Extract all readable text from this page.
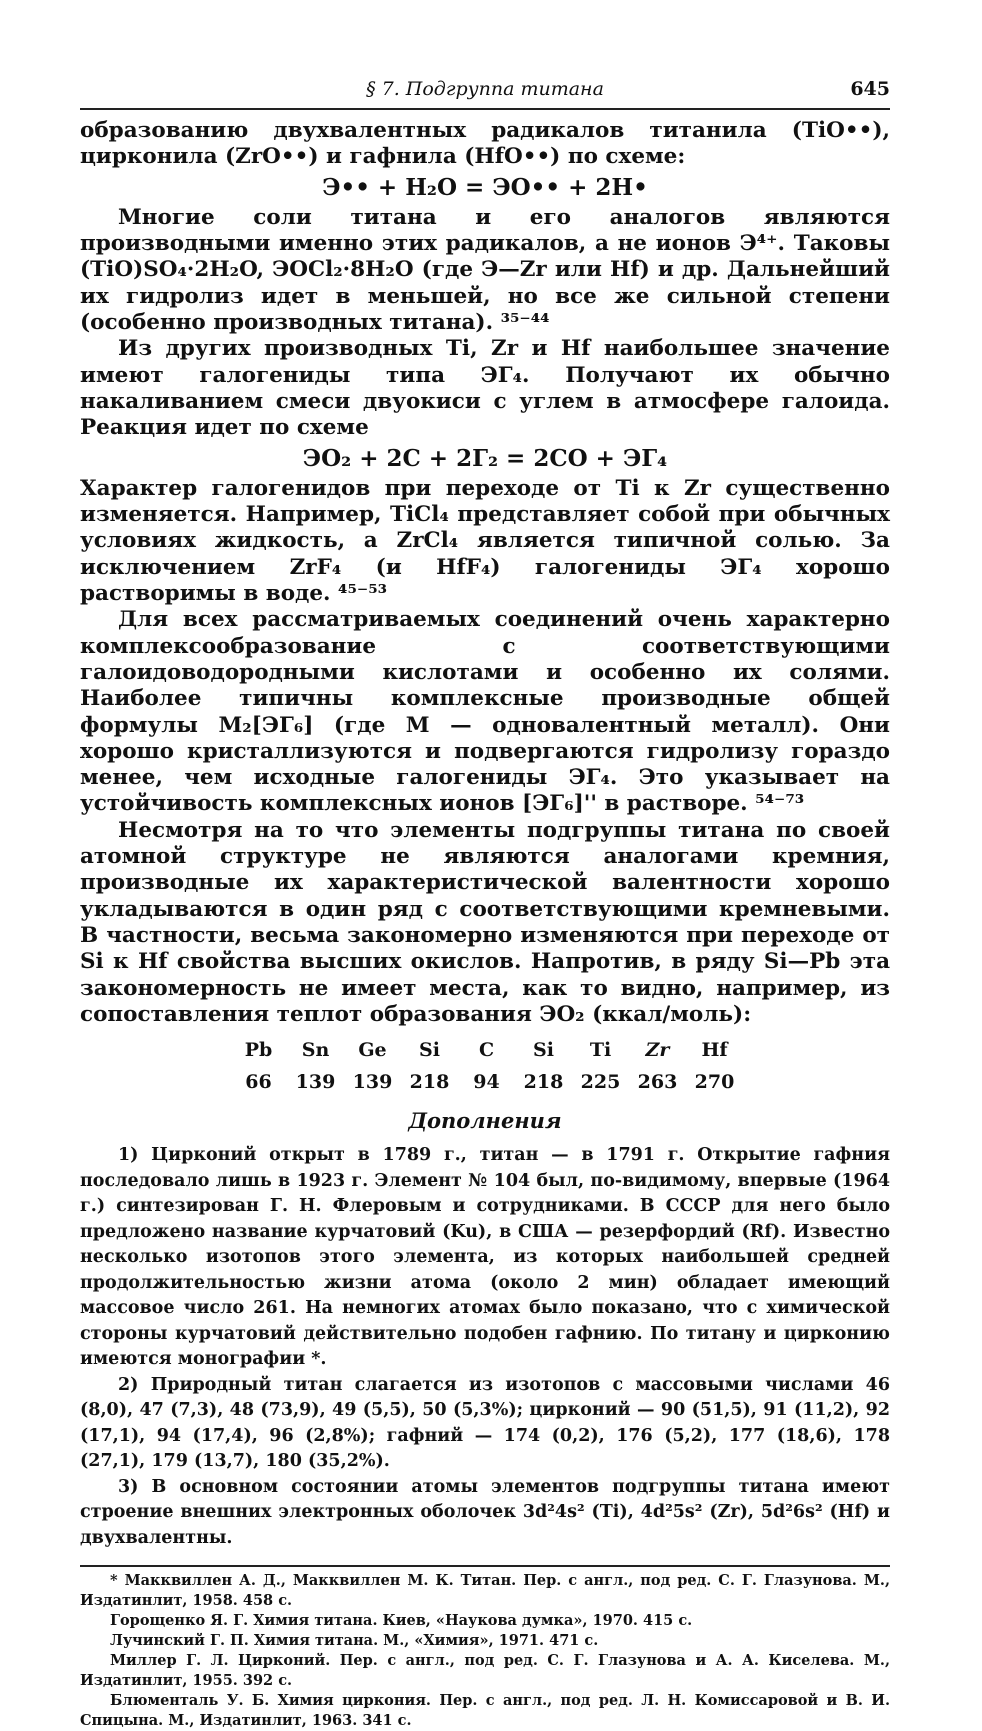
§ 7. Подгруппа титана	645

образованию двухвалентных радикалов титанила (TiO••), цирконила (ZrO••) и гафнила (HfO••) по схеме:

Э•• + H₂O = ЭО•• + 2H•

Многие соли титана и его аналогов являются производными именно этих радикалов, а не ионов Э⁴⁺. Таковы (TiO)SO₄·2H₂O, ЭOCl₂·8H₂O (где Э—Zr или Hf) и др. Дальнейший их гидролиз идет в меньшей, но все же сильной степени (особенно производных титана). ³⁵⁻⁴⁴

Из других производных Ti, Zr и Hf наибольшее значение имеют галогениды типа ЭГ₄. Получают их обычно накаливанием смеси двуокиси с углем в атмосфере галоида. Реакция идет по схеме

ЭО₂ + 2C + 2Г₂ = 2CO + ЭГ₄

Характер галогенидов при переходе от Ti к Zr существенно изменяется. Например, TiCl₄ представляет собой при обычных условиях жидкость, а ZrCl₄ является типичной солью. За исключением ZrF₄ (и HfF₄) галогениды ЭГ₄ хорошо растворимы в воде. ⁴⁵⁻⁵³

Для всех рассматриваемых соединений очень характерно комплексообразование с соответствующими галоидоводородными кислотами и особенно их солями. Наиболее типичны комплексные производные общей формулы M₂[ЭГ₆] (где M — одновалентный металл). Они хорошо кристаллизуются и подвергаются гидролизу гораздо менее, чем исходные галогениды ЭГ₄. Это указывает на устойчивость комплексных ионов [ЭГ₆]'' в растворе. ⁵⁴⁻⁷³

Несмотря на то что элементы подгруппы титана по своей атомной структуре не являются аналогами кремния, производные их характеристической валентности хорошо укладываются в один ряд с соответствующими кремневыми. В частности, весьма закономерно изменяются при переходе от Si к Hf свойства высших окислов. Напротив, в ряду Si—Pb эта закономерность не имеет места, как то видно, например, из сопоставления теплот образования ЭО₂ (ккал/моль):

Pb	Sn	Ge	Si	C	Si	Ti	Zr	Hf
66	139 139 218	94	218 225 263 270
Дополнения

1) Цирконий открыт в 1789 г., титан — в 1791 г. Открытие гафния последовало лишь в 1923 г. Элемент № 104 был, по-видимому, впервые (1964 г.) синтезирован Г. Н. Флеровым и сотрудниками. В СССР для него было предложено название курчатовий (Ku), в США — резерфордий (Rf). Известно несколько изотопов этого элемента, из которых наибольшей средней продолжительностью жизни атома (около 2 мин) обладает имеющий массовое число 261. На немногих атомах было показано, что с химической стороны курчатовий действительно подобен гафнию. По титану и цирконию имеются монографии *.

2) Природный титан слагается из изотопов с массовыми числами 46 (8,0), 47 (7,3), 48 (73,9), 49 (5,5), 50 (5,3%); цирконий — 90 (51,5), 91 (11,2), 92 (17,1), 94 (17,4), 96 (2,8%); гафний — 174 (0,2), 176 (5,2), 177 (18,6), 178 (27,1), 179 (13,7), 180 (35,2%).

3) В основном состоянии атомы элементов подгруппы титана имеют строение внешних электронных оболочек 3d²4s² (Ti), 4d²5s² (Zr), 5d²6s² (Hf) и двухвалентны.

* Макквиллен А. Д., Макквиллен М. К. Титан. Пер. с англ., под ред. С. Г. Глазунова. М., Издатинлит, 1958. 458 с.

Горощенко Я. Г. Химия титана. Киев, «Наукова думка», 1970. 415 с.

Лучинский Г. П. Химия титана. М., «Химия», 1971. 471 с.

Миллер Г. Л. Цирконий. Пер. с англ., под ред. С. Г. Глазунова и А. А. Киселева. М., Издатинлит, 1955. 392 с.

Блюменталь У. Б. Химия циркония. Пер. с англ., под ред. Л. Н. Комиссаровой и В. И. Спицына. М., Издатинлит, 1963. 341 с.
